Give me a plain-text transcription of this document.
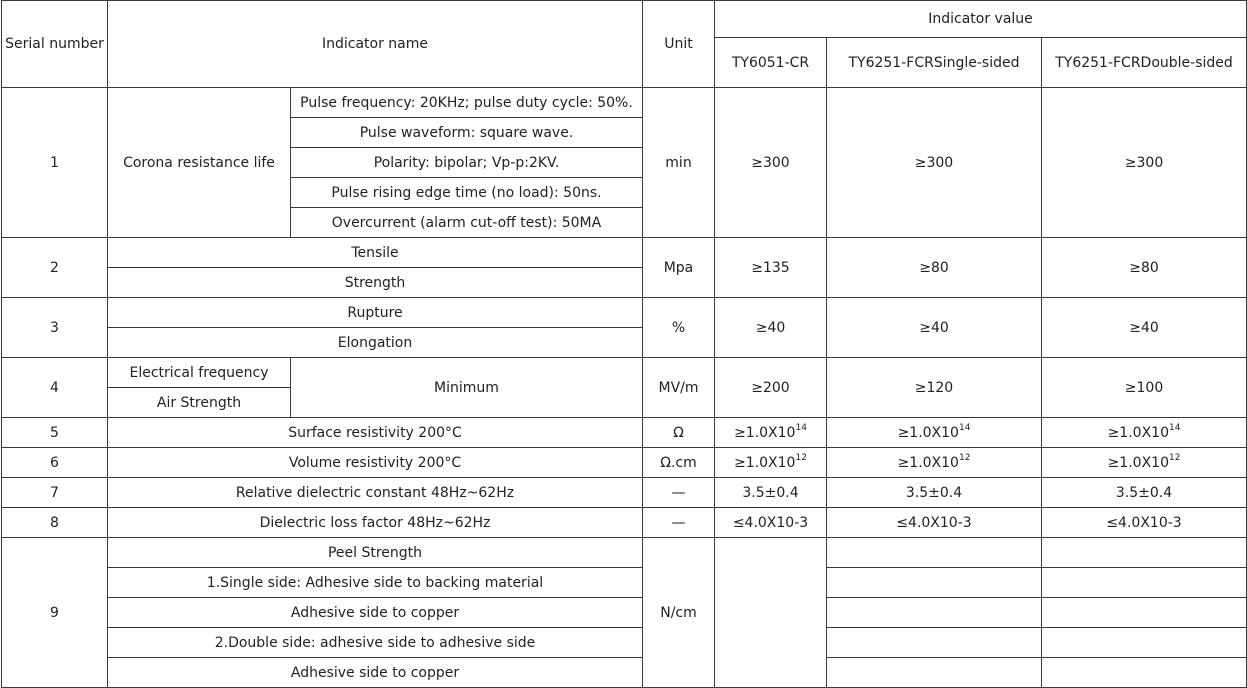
Serial number	Indicator name		Unit	Indicator value		
				TY6051-CR	TY6251-FCRSingle-sided	TY6251-FCRDouble-sided
1	Corona resistance life	Pulse frequency: 20KHz; pulse duty cycle: 50%.	min	≥300	≥300	≥300
		Pulse waveform: square wave.				
		Polarity: bipolar; Vp-p:2KV.				
		Pulse rising edge time (no load): 50ns.				
		Overcurrent (alarm cut-off test): 50MA				
2	Tensile		Mpa	≥135	≥80	≥80
	Strength					
3	Rupture		%	≥40	≥40	≥40
	Elongation					
4	Electrical frequency	Minimum	MV/m	≥200	≥120	≥100
	Air Strength					
5	Surface resistivity 200°C		Ω	$\ge 1.0X10^{14}$	$\ge 1.0X10^{14}$	$\ge 1.0X10^{14}$
6	Volume resistivity 200°C		Ω.cm	$\ge 1.0X10^{12}$	$\ge 1.0X10^{12}$	$\ge 1.0X10^{12}$
7	Relative dielectric constant 48Hz~62Hz		—	3.5±0.4	3.5±0.4	3.5±0.4
8	Dielectric loss factor 48Hz~62Hz		—	≤4.0X10-3	≤4.0X10-3	≤4.0X10-3
9	Peel Strength		N/cm			
	1.Single side: Adhesive side to backing material					
	Adhesive side to copper					
	2.Double side: adhesive side to adhesive side					
	Adhesive side to copper					
